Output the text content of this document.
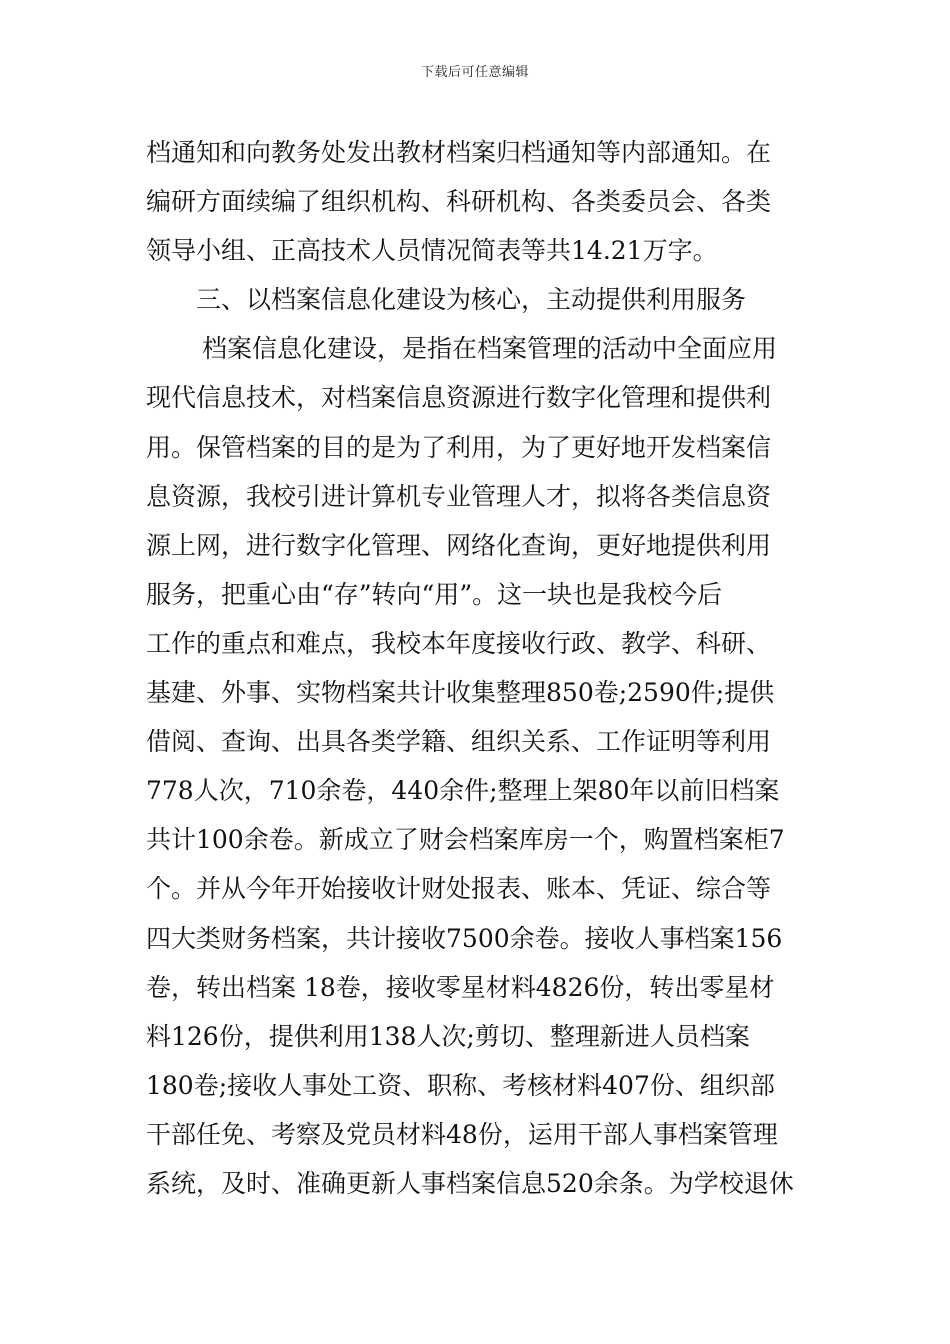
下载后可任意编辑
档通知和向教务处发出教材档案归档通知等内部通知。在
编研方面续编了组织机构、科研机构、各类委员会、各类
领导小组、正高技术人员情况简表等共14.21万字。
三、以档案信息化建设为核心，主动提供利用服务
档案信息化建设，是指在档案管理的活动中全面应用
现代信息技术，对档案信息资源进行数字化管理和提供利
用。保管档案的目的是为了利用，为了更好地开发档案信
息资源，我校引进计算机专业管理人才，拟将各类信息资
源上网，进行数字化管理、网络化查询，更好地提供利用
服务，把重心由“存”转向“用”。这一块也是我校今后
工作的重点和难点，我校本年度接收行政、教学、科研、
基建、外事、实物档案共计收集整理850卷;2590件;提供
借阅、查询、出具各类学籍、组织关系、工作证明等利用
778人次，710余卷，440余件;整理上架80年以前旧档案
共计100余卷。新成立了财会档案库房一个，购置档案柜7
个。并从今年开始接收计财处报表、账本、凭证、综合等
四大类财务档案，共计接收7500余卷。接收人事档案156
卷，转出档案 18卷，接收零星材料4826份，转出零星材
料126份，提供利用138人次;剪切、整理新进人员档案
180卷;接收人事处工资、职称、考核材料407份、组织部
干部任免、考察及党员材料48份，运用干部人事档案管理
系统，及时、准确更新人事档案信息520余条。为学校退休
